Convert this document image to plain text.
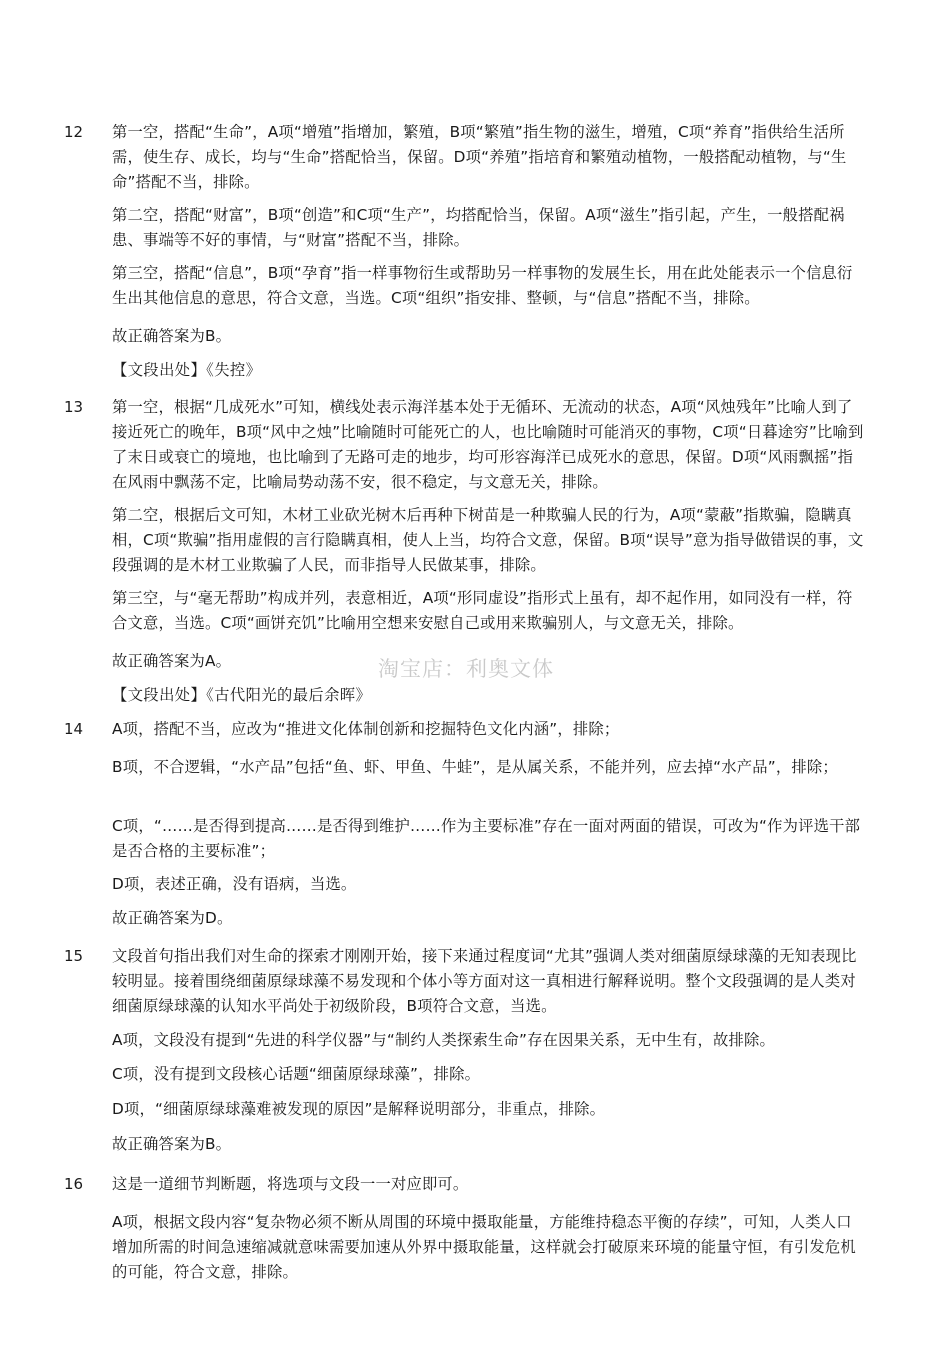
12 第一空，搭配“生命”，A项“增殖”指增加，繁殖，B项“繁殖”指生物的滋生，增殖，C项“养育”指供给生活所需，使生存、成长，均与“生命”搭配恰当，保留。D项“养殖”指培育和繁殖动植物，一般搭配动植物，与“生命”搭配不当，排除。

第二空，搭配“财富”，B项“创造”和C项“生产”，均搭配恰当，保留。A项“滋生”指引起，产生，一般搭配祸患、事端等不好的事情，与“财富”搭配不当，排除。

第三空，搭配“信息”，B项“孕育”指一样事物衍生或帮助另一样事物的发展生长，用在此处能表示一个信息衍生出其他信息的意思，符合文意，当选。C项“组织”指安排、整顿，与“信息”搭配不当，排除。

故正确答案为B。

【文段出处】《失控》

13 第一空，根据“几成死水”可知，横线处表示海洋基本处于无循环、无流动的状态，A项“风烛残年”比喻人到了接近死亡的晚年，B项“风中之烛”比喻随时可能死亡的人，也比喻随时可能消灭的事物，C项“日暮途穷”比喻到了末日或衰亡的境地，也比喻到了无路可走的地步，均可形容海洋已成死水的意思，保留。D项“风雨飘摇”指在风雨中飘荡不定，比喻局势动荡不安，很不稳定，与文意无关，排除。

第二空，根据后文可知，木材工业砍光树木后再种下树苗是一种欺骗人民的行为，A项“蒙蔽”指欺骗，隐瞒真相，C项“欺骗”指用虚假的言行隐瞒真相，使人上当，均符合文意，保留。B项“误导”意为指导做错误的事，文段强调的是木材工业欺骗了人民，而非指导人民做某事，排除。

第三空，与“毫无帮助”构成并列，表意相近，A项“形同虚设”指形式上虽有，却不起作用，如同没有一样，符合文意，当选。C项“画饼充饥”比喻用空想来安慰自己或用来欺骗别人，与文意无关，排除。

故正确答案为A。

【文段出处】《古代阳光的最后余晖》

14 A项，搭配不当，应改为“推进文化体制创新和挖掘特色文化内涵”，排除；

B项，不合逻辑，“水产品”包括“鱼、虾、甲鱼、牛蛙”，是从属关系，不能并列，应去掉“水产品”，排除；

C项，“……是否得到提高……是否得到维护……作为主要标准”存在一面对两面的错误，可改为“作为评选干部是否合格的主要标准”；

D项，表述正确，没有语病，当选。

故正确答案为D。

15 文段首句指出我们对生命的探索才刚刚开始，接下来通过程度词“尤其”强调人类对细菌原绿球藻的无知表现比较明显。接着围绕细菌原绿球藻不易发现和个体小等方面对这一真相进行解释说明。整个文段强调的是人类对细菌原绿球藻的认知水平尚处于初级阶段，B项符合文意，当选。

A项，文段没有提到“先进的科学仪器”与“制约人类探索生命”存在因果关系，无中生有，故排除。

C项，没有提到文段核心话题“细菌原绿球藻”，排除。

D项，“细菌原绿球藻难被发现的原因”是解释说明部分，非重点，排除。

故正确答案为B。

16 这是一道细节判断题，将选项与文段一一对应即可。

A项，根据文段内容“复杂物必须不断从周围的环境中摄取能量，方能维持稳态平衡的存续”，可知，人类人口增加所需的时间急速缩减就意味需要加速从外界中摄取能量，这样就会打破原来环境的能量守恒，有引发危机的可能，符合文意，排除。

淘宝店：利奥文体
